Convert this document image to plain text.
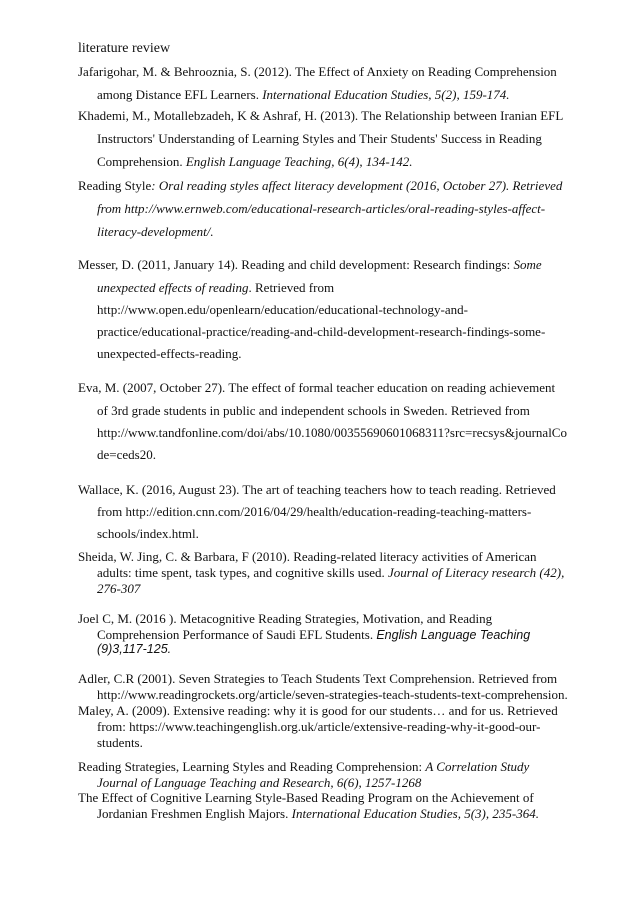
literature review
Jafarigohar, M. & Behrooznia, S. (2012). The Effect of Anxiety on Reading Comprehension
among Distance EFL Learners. International Education Studies, 5(2), 159-174.
Khademi, M., Motallebzadeh, K & Ashraf, H. (2013). The Relationship between Iranian EFL
Instructors' Understanding of Learning Styles and Their Students' Success in Reading
Comprehension. English Language Teaching, 6(4), 134-142.
Reading Style: Oral reading styles affect literacy development (2016, October 27). Retrieved
from http://www.ernweb.com/educational-research-articles/oral-reading-styles-affect-
literacy-development/.
Messer, D. (2011, January 14). Reading and child development: Research findings: Some
unexpected effects of reading. Retrieved from
http://www.open.edu/openlearn/education/educational-technology-and-
practice/educational-practice/reading-and-child-development-research-findings-some-
unexpected-effects-reading.
Eva, M. (2007, October 27). The effect of formal teacher education on reading achievement
of 3rd grade students in public and independent schools in Sweden. Retrieved from
http://www.tandfonline.com/doi/abs/10.1080/00355690601068311?src=recsys&journalCo
de=ceds20.
Wallace, K. (2016, August 23). The art of teaching teachers how to teach reading. Retrieved
from http://edition.cnn.com/2016/04/29/health/education-reading-teaching-matters-
schools/index.html.
Sheida, W. Jing, C. & Barbara, F (2010). Reading-related literacy activities of American
adults: time spent, task types, and cognitive skills used. Journal of Literacy research (42),
276-307
Joel C, M. (2016 ). Metacognitive Reading Strategies, Motivation, and Reading
Comprehension Performance of Saudi EFL Students. English Language Teaching
(9)3,117-125.
Adler, C.R (2001). Seven Strategies to Teach Students Text Comprehension. Retrieved from
http://www.readingrockets.org/article/seven-strategies-teach-students-text-comprehension.
Maley, A. (2009). Extensive reading: why it is good for our students… and for us. Retrieved
from: https://www.teachingenglish.org.uk/article/extensive-reading-why-it-good-our-
students.
Reading Strategies, Learning Styles and Reading Comprehension: A Correlation Study
Journal of Language Teaching and Research, 6(6), 1257-1268
The Effect of Cognitive Learning Style-Based Reading Program on the Achievement of
Jordanian Freshmen English Majors. International Education Studies, 5(3), 235-364.
